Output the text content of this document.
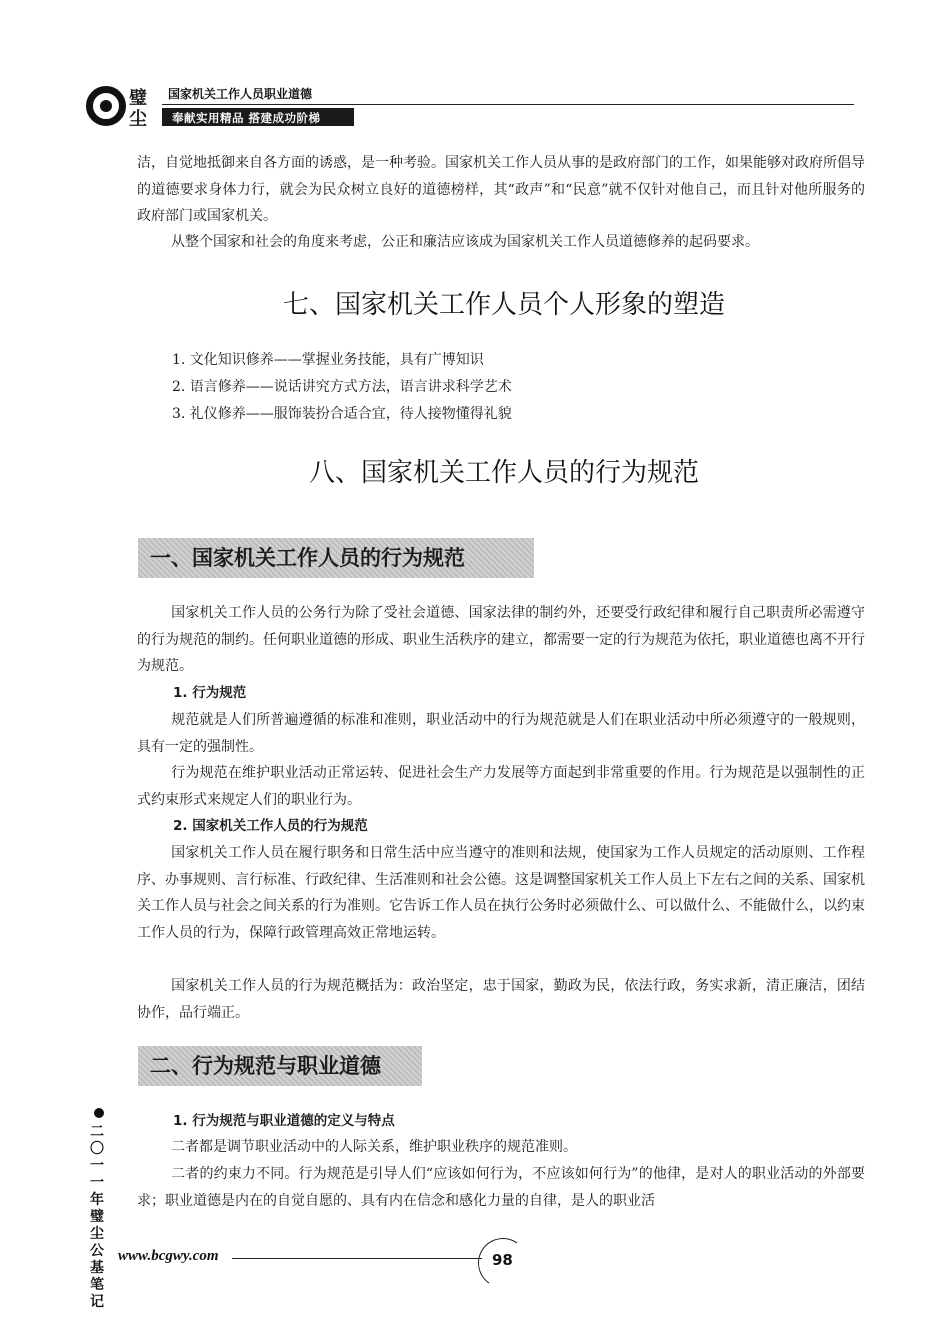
璧
尘
国家机关工作人员职业道德
奉献实用精品 搭建成功阶梯
洁，自觉地抵御来自各方面的诱惑，是一种考验。国家机关工作人员从事的是政府部门的工作，如果能够对政府所倡导的道德要求身体力行，就会为民众树立良好的道德榜样，其“政声”和“民意”就不仅针对他自己，而且针对他所服务的政府部门或国家机关。
从整个国家和社会的角度来考虑，公正和廉洁应该成为国家机关工作人员道德修养的起码要求。
七、国家机关工作人员个人形象的塑造
1. 文化知识修养——掌握业务技能，具有广博知识
2. 语言修养——说话讲究方式方法，语言讲求科学艺术
3. 礼仪修养——服饰装扮合适合宜，待人接物懂得礼貌
八、国家机关工作人员的行为规范
一、国家机关工作人员的行为规范
国家机关工作人员的公务行为除了受社会道德、国家法律的制约外，还要受行政纪律和履行自己职责所必需遵守的行为规范的制约。任何职业道德的形成、职业生活秩序的建立，都需要一定的行为规范为依托，职业道德也离不开行为规范。
1. 行为规范
规范就是人们所普遍遵循的标准和准则，职业活动中的行为规范就是人们在职业活动中所必须遵守的一般规则，具有一定的强制性。
行为规范在维护职业活动正常运转、促进社会生产力发展等方面起到非常重要的作用。行为规范是以强制性的正式约束形式来规定人们的职业行为。
2. 国家机关工作人员的行为规范
国家机关工作人员在履行职务和日常生活中应当遵守的准则和法规，使国家为工作人员规定的活动原则、工作程序、办事规则、言行标准、行政纪律、生活准则和社会公德。这是调整国家机关工作人员上下左右之间的关系、国家机关工作人员与社会之间关系的行为准则。它告诉工作人员在执行公务时必须做什么、可以做什么、不能做什么，以约束工作人员的行为，保障行政管理高效正常地运转。
国家机关工作人员的行为规范概括为：政治坚定，忠于国家，勤政为民，依法行政，务实求新，清正廉洁，团结协作，品行端正。
二、行为规范与职业道德
1. 行为规范与职业道德的定义与特点
二者都是调节职业活动中的人际关系，维护职业秩序的规范准则。
二者的约束力不同。行为规范是引导人们“应该如何行为，不应该如何行为”的他律，是对人的职业活动的外部要求；职业道德是内在的自觉自愿的、具有内在信念和感化力量的自律，是人的职业活
二〇一一年璧尘公基笔记
www.bcgwy.com	98
